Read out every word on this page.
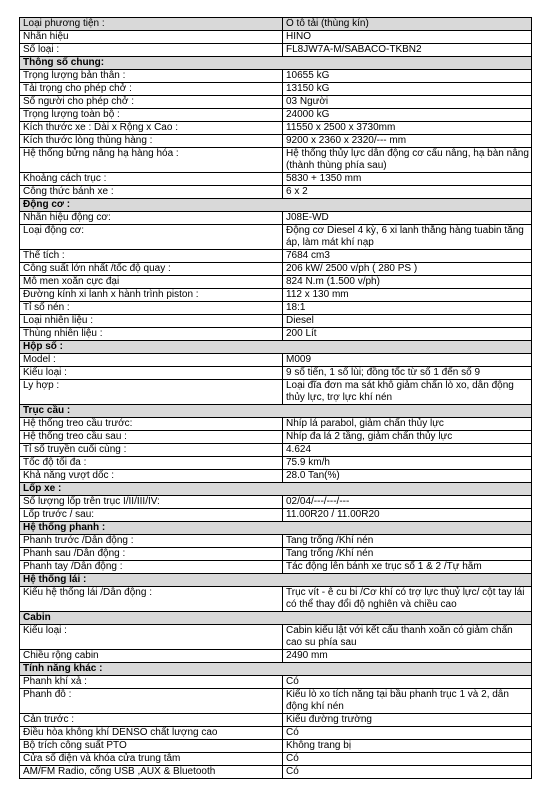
Loại phương tiện :	Ô tô tải (thùng kín)
Nhãn hiệu	HINO
Số loại :	FL8JW7A-M/SABACO-TKBN2
Thông số chung:	
Trọng lượng bản thân :	10655 kG
Tải trọng cho phép chở :	13150 kG
Số người cho phép chở :	03 Người
Trọng lượng toàn bộ :	24000 kG
Kích thước xe : Dài x Rộng x Cao :	11550 x 2500 x 3730mm
Kích thước lòng thùng hàng :	9200 x 2360 x 2320/--- mm
Hệ thống bửng nâng hạ hàng hóa :	Hệ thống thủy lực dẫn động cơ cấu nâng, hạ bàn nâng (thành thùng phía sau)
Khoảng cách trục :	5830 + 1350 mm
Công thức bánh xe :	6 x 2
Động cơ :	
Nhãn hiệu động cơ:	J08E-WD
Loại động cơ:	Động cơ Diesel 4 kỳ, 6 xi lanh thẳng hàng tuabin tăng áp, làm mát khí nạp
Thể tích :	7684 cm3
Công suất lớn nhất /tốc độ quay :	206 kW/ 2500 v/ph ( 280 PS )
Mô men xoắn cực đại	824 N.m (1.500 v/ph)
Đường kính xi lanh x hành trình piston :	112 x 130 mm
Tỉ số nén :	18:1
Loại nhiên liệu :	Diesel
Thùng nhiên liệu :	200 Lít
Hộp số :	
Model :	M009
Kiểu loại :	9 số tiến, 1 số lùi; đồng tốc từ số 1 đến số 9
Ly hợp :	Loại đĩa đơn ma sát khô giảm chấn lò xo, dẫn động thủy lực, trợ lực khí nén
Trục cầu :	
Hệ thống treo cầu trước:	Nhíp lá parabol, giảm chấn thủy lực
Hệ thống treo cầu sau :	Nhíp đa lá 2 tầng, giảm chấn thủy lực
Tỉ số truyền cuối cùng :	4.624
Tốc độ tối đa :	75.9 km/h
Khả năng vượt dốc :	28.0 Tan(%)
Lốp xe :	
Số lượng lốp trên trục I/II/III/IV:	02/04/---/---/---
Lốp trước / sau:	11.00R20 / 11.00R20
Hệ thống phanh :	
Phanh trước /Dẫn động :	Tang trống /Khí nén
Phanh sau /Dẫn động :	Tang trống /Khí nén
Phanh tay /Dẫn động :	Tác động lên bánh xe trục số 1 & 2 /Tự hãm
Hệ thống lái :	
Kiểu hệ thống lái /Dẫn động :	Trục vít - ê cu bi /Cơ khí có trợ lực thuỷ lực/ cột tay lái có thể thay đổi độ nghiên và chiều cao
Cabin	
Kiểu loại :	Cabin kiểu lật với kết cấu thanh xoắn có giảm chấn cao su phía sau
Chiều rộng cabin	2490 mm
Tính năng khác :	
Phanh khí xả :	Có
Phanh đỗ :	Kiểu lò xo tích năng tại bầu phanh trục 1 và 2, dẫn động khí nén
Cản trước :	Kiểu đường trường
Điều hòa không khí DENSO chất lượng cao	Có
Bộ trích công suất PTO	Không trang bị
Cửa sổ điện và khóa cửa trung tâm	Có
AM/FM Radio, cổng USB ,AUX & Bluetooth	Có
